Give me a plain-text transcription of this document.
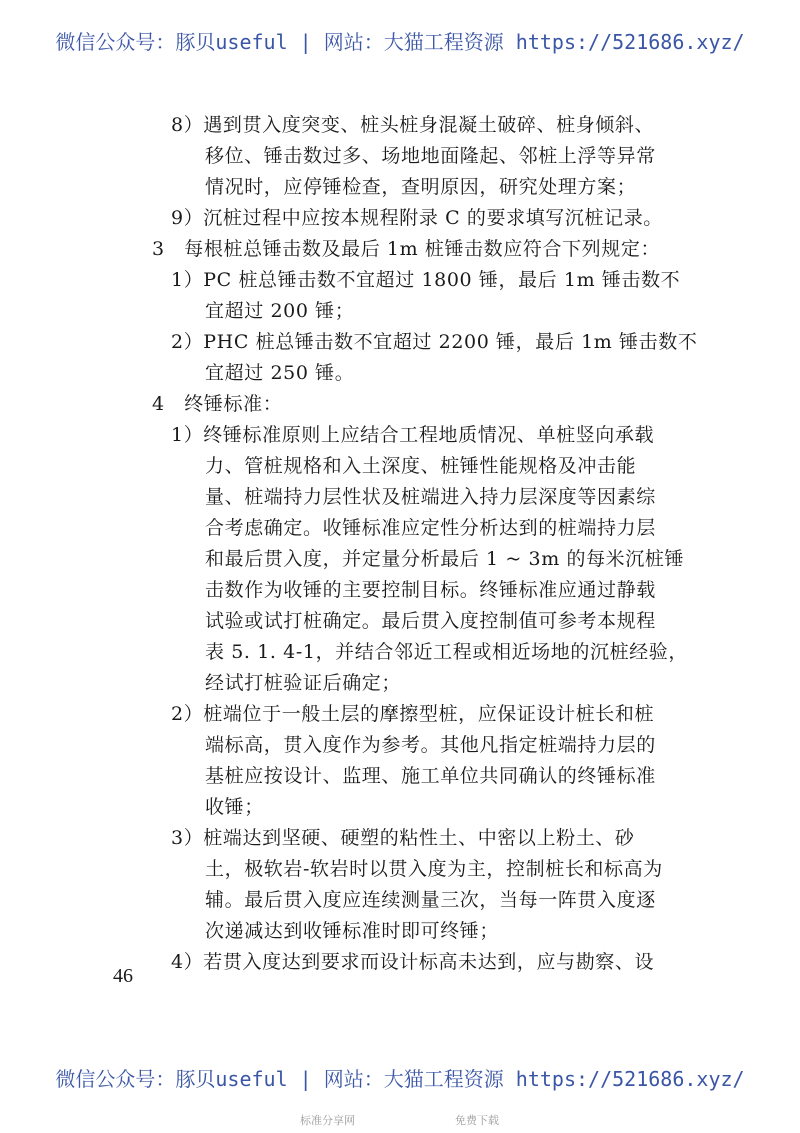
微信公众号：豚贝useful | 网站：大猫工程资源 https://521686.xyz/
8）遇到贯入度突变、桩头桩身混凝土破碎、桩身倾斜、
移位、锤击数过多、场地地面隆起、邻桩上浮等异常
情况时，应停锤检查，查明原因，研究处理方案；
9）沉桩过程中应按本规程附录 C 的要求填写沉桩记录。
3　每根桩总锤击数及最后 1m 桩锤击数应符合下列规定：
1）PC 桩总锤击数不宜超过 1800 锤，最后 1m 锤击数不
宜超过 200 锤；
2）PHC 桩总锤击数不宜超过 2200 锤，最后 1m 锤击数不
宜超过 250 锤。
4　终锤标准：
1）终锤标准原则上应结合工程地质情况、单桩竖向承载
力、管桩规格和入土深度、桩锤性能规格及冲击能
量、桩端持力层性状及桩端进入持力层深度等因素综
合考虑确定。收锤标准应定性分析达到的桩端持力层
和最后贯入度，并定量分析最后 1 ~ 3m 的每米沉桩锤
击数作为收锤的主要控制目标。终锤标准应通过静载
试验或试打桩确定。最后贯入度控制值可参考本规程
表 5. 1. 4-1，并结合邻近工程或相近场地的沉桩经验，
经试打桩验证后确定；
2）桩端位于一般土层的摩擦型桩，应保证设计桩长和桩
端标高，贯入度作为参考。其他凡指定桩端持力层的
基桩应按设计、监理、施工单位共同确认的终锤标准
收锤；
3）桩端达到坚硬、硬塑的粘性土、中密以上粉土、砂
土，极软岩-软岩时以贯入度为主，控制桩长和标高为
辅。最后贯入度应连续测量三次，当每一阵贯入度逐
次递减达到收锤标准时即可终锤；
4）若贯入度达到要求而设计标高未达到，应与勘察、设
46
微信公众号：豚贝useful | 网站：大猫工程资源 https://521686.xyz/
标准分享网	免费下载
